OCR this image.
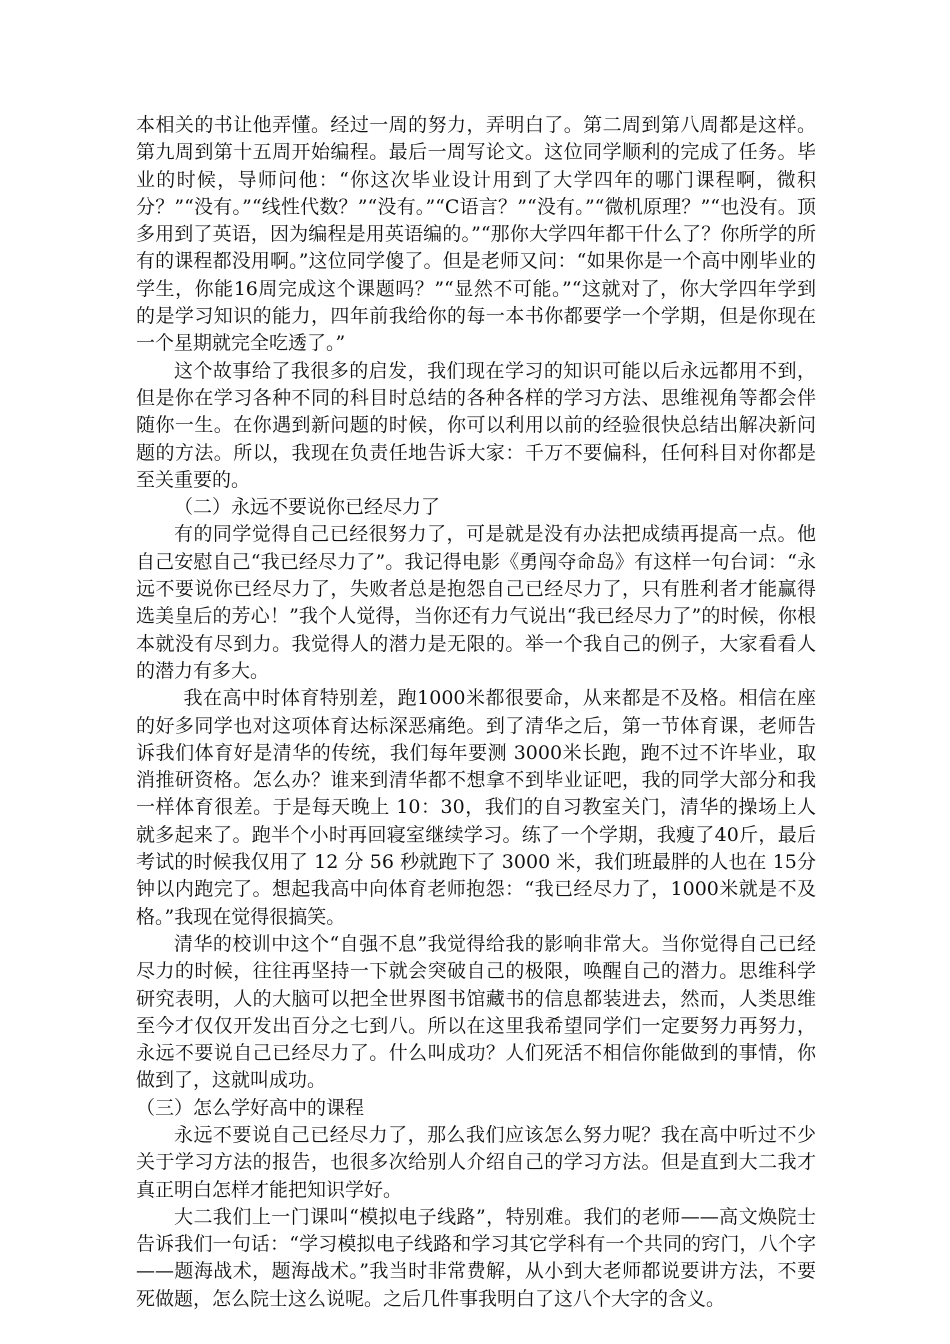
本相关的书让他弄懂。经过一周的努力，弄明白了。第二周到第八周都是这样。第九周到第十五周开始编程。最后一周写论文。这位同学顺利的完成了任务。毕业的时候，导师问他：“你这次毕业设计用到了大学四年的哪门课程啊，微积分？”“没有。”“线性代数？”“没有。”“C语言？”“没有。”“微机原理？”“也没有。顶多用到了英语，因为编程是用英语编的。”“那你大学四年都干什么了？你所学的所有的课程都没用啊。”这位同学傻了。但是老师又问：“如果你是一个高中刚毕业的学生，你能16周完成这个课题吗？”“显然不可能。”“这就对了，你大学四年学到的是学习知识的能力，四年前我给你的每一本书你都要学一个学期，但是你现在一个星期就完全吃透了。”

这个故事给了我很多的启发，我们现在学习的知识可能以后永远都用不到，但是你在学习各种不同的科目时总结的各种各样的学习方法、思维视角等都会伴随你一生。在你遇到新问题的时候，你可以利用以前的经验很快总结出解决新问题的方法。所以，我现在负责任地告诉大家：千万不要偏科，任何科目对你都是至关重要的。

（二）永远不要说你已经尽力了

有的同学觉得自己已经很努力了，可是就是没有办法把成绩再提高一点。他自己安慰自己“我已经尽力了”。我记得电影《勇闯夺命岛》有这样一句台词：“永远不要说你已经尽力了，失败者总是抱怨自己已经尽力了，只有胜利者才能赢得选美皇后的芳心！”我个人觉得，当你还有力气说出“我已经尽力了”的时候，你根本就没有尽到力。我觉得人的潜力是无限的。举一个我自己的例子，大家看看人的潜力有多大。

我在高中时体育特别差，跑1000米都很要命，从来都是不及格。相信在座的好多同学也对这项体育达标深恶痛绝。到了清华之后，第一节体育课，老师告诉我们体育好是清华的传统，我们每年要测 3000米长跑，跑不过不许毕业，取消推研资格。怎么办？谁来到清华都不想拿不到毕业证吧，我的同学大部分和我一样体育很差。于是每天晚上 10：30，我们的自习教室关门，清华的操场上人就多起来了。跑半个小时再回寝室继续学习。练了一个学期，我瘦了40斤，最后考试的时候我仅用了 12 分 56 秒就跑下了 3000 米，我们班最胖的人也在 15分钟以内跑完了。想起我高中向体育老师抱怨：“我已经尽力了，1000米就是不及格。”我现在觉得很搞笑。

清华的校训中这个“自强不息”我觉得给我的影响非常大。当你觉得自己已经尽力的时候，往往再坚持一下就会突破自己的极限，唤醒自己的潜力。思维科学研究表明，人的大脑可以把全世界图书馆藏书的信息都装进去，然而，人类思维至今才仅仅开发出百分之七到八。所以在这里我希望同学们一定要努力再努力，永远不要说自己已经尽力了。什么叫成功？人们死活不相信你能做到的事情，你做到了，这就叫成功。

（三）怎么学好高中的课程

永远不要说自己已经尽力了，那么我们应该怎么努力呢？我在高中听过不少关于学习方法的报告，也很多次给别人介绍自己的学习方法。但是直到大二我才真正明白怎样才能把知识学好。

大二我们上一门课叫“模拟电子线路”，特别难。我们的老师——高文焕院士告诉我们一句话：“学习模拟电子线路和学习其它学科有一个共同的窍门，八个字——题海战术，题海战术。”我当时非常费解，从小到大老师都说要讲方法，不要死做题，怎么院士这么说呢。之后几件事我明白了这八个大字的含义。
